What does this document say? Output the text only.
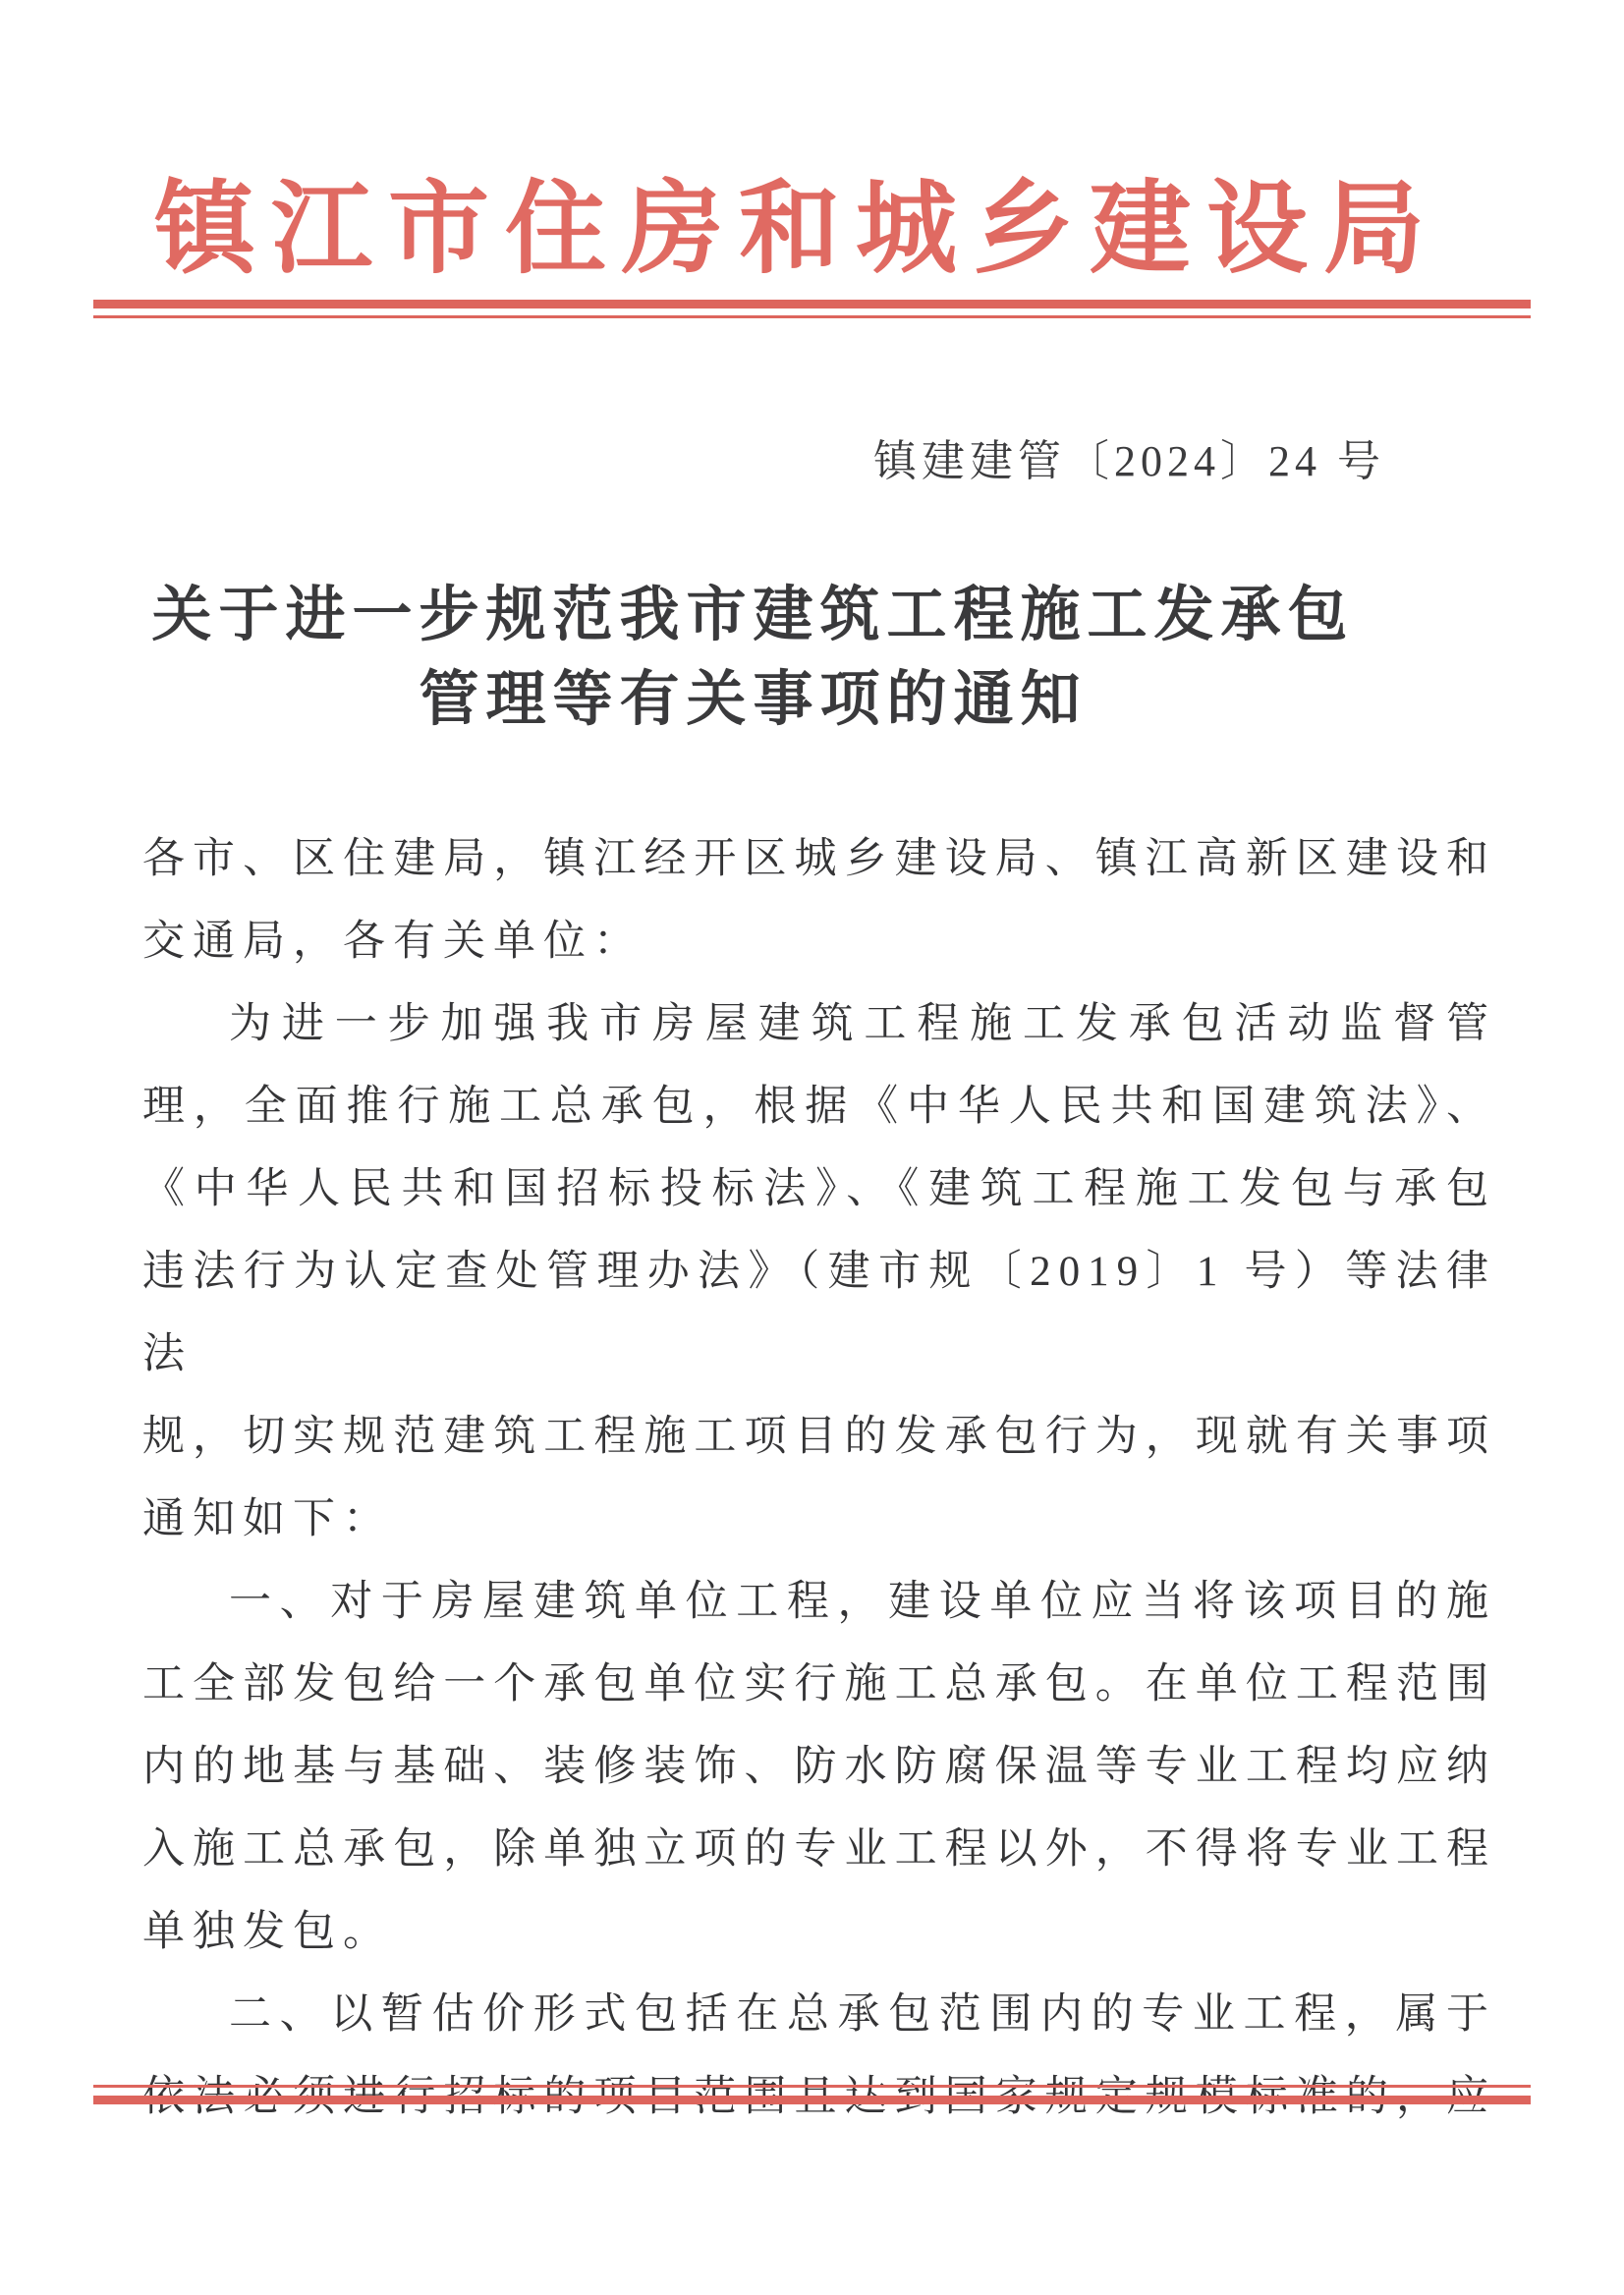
镇江市住房和城乡建设局
镇建建管〔2024〕24 号
关于进一步规范我市建筑工程施工发承包
管理等有关事项的通知

各市、区住建局，镇江经开区城乡建设局、镇江高新区建设和

交通局，各有关单位：

为进一步加强我市房屋建筑工程施工发承包活动监督管

理，全面推行施工总承包，根据《中华人民共和国建筑法》、

《中华人民共和国招标投标法》、《建筑工程施工发包与承包

违法行为认定查处管理办法》（建市规〔2019〕1 号）等法律法

规，切实规范建筑工程施工项目的发承包行为，现就有关事项

通知如下：

一、对于房屋建筑单位工程，建设单位应当将该项目的施

工全部发包给一个承包单位实行施工总承包。在单位工程范围

内的地基与基础、装修装饰、防水防腐保温等专业工程均应纳

入施工总承包，除单独立项的专业工程以外，不得将专业工程

单独发包。

二、以暂估价形式包括在总承包范围内的专业工程，属于
